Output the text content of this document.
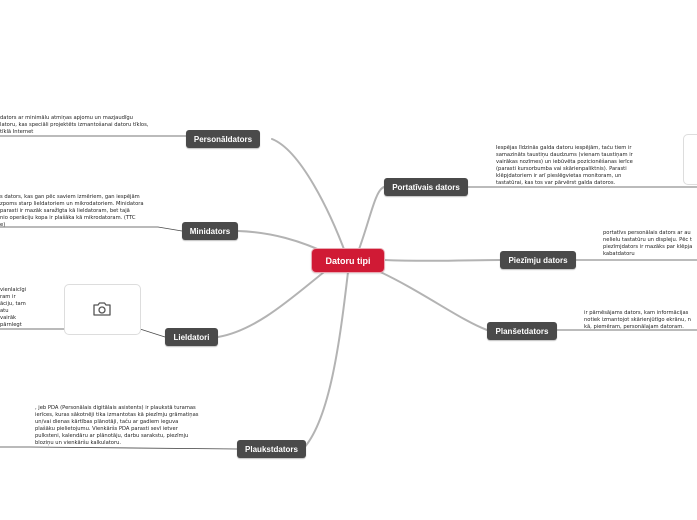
dators ar minimālu atmiņas apjomu un mazjaudīgu
latoru, kas speciāli projektēts izmantošanai datoru tīklos,
tīklā Internet
s dators, kas gan pēc saviem izmēriem, gan iespējām
zpoms starp lieldatoriem un mikrodatoriem. Minidatora
parasti ir mazāk saražīgta kā lieldatoram, bet tajā
nio operāciju kopa ir plašāka kā mikrodatoram. (TTC
e)
vienlaicīgi
ram ir
āciju, tam
atu
vairāk
pārnlegt
, jeb PDA (Personālais digitālais asistents) ir plaukstā turamas
ierīces, kuras sākotnēji tika izmantotas kā piezīmju grāmatiņas
un/vai dienas kārtības plānotāji, taču ar gadiem ieguva
plašāku pielietojumu. Vienkāršs PDA parasti sevī ietver
pulksteni, kalendāru ar plānotāju, darbu sarakstu, piezīmju
bloziņu un vienkāršu kalkulatoru.
Iespējas līdzinās galda datoru iespējām, taču tiem ir
samazināts taustiņu daudzums (vienam taustiņam ir
vairākas nozīmes) un iebūvēta pozicionēšanas ierīce
(parasti kursorbumba vai skārienpaliktnis). Parasti
klēpjdatoriem ir arī pieslēgvietas monitoram, un
tastatūrai, kas tos var pārvērst galda datoros.
portatīvs personālais dators ar au
nelielu tastatūru un displeju. Pēc t
piezīmjdators ir mazāks par klēpja
kabatdatoru
ir pārnēsājams dators, kam informācijas
notiek izmantojot skārienjūtīgo ekrānu, n
kā, piemēram, personālajam datoram.
Personāldators
Minidators
Lieldatori
Plaukstdators
Portatīvais dators
Piezīmju dators
Planšetdators
Datoru tipi
